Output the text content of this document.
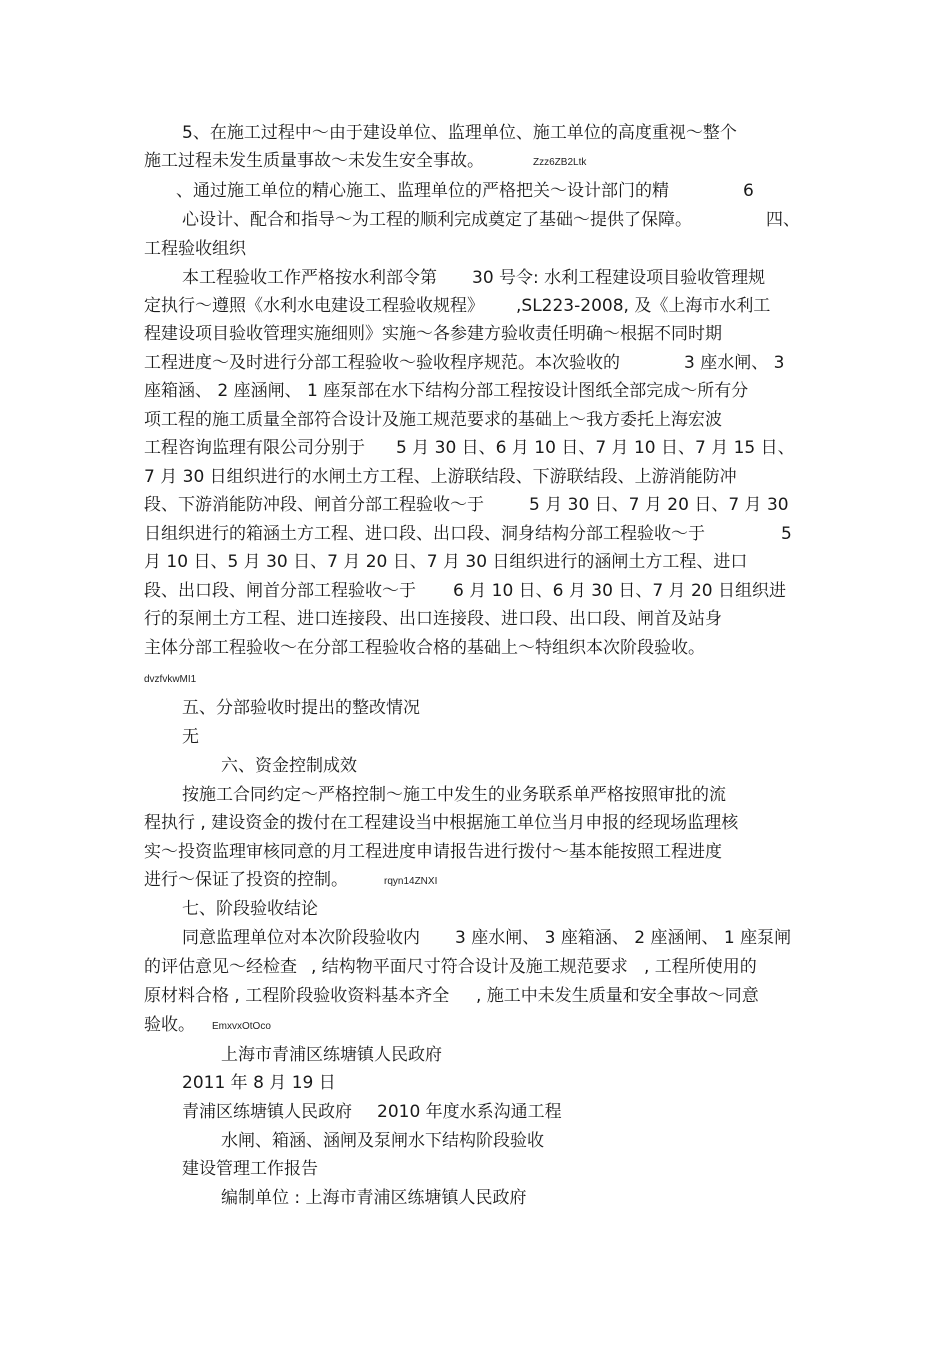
5、在施工过程中～由于建设单位、监理单位、施工单位的高度重视～整个
施工过程未发生质量事故～未发生安全事故。	Zzz6ZB2Ltk
、通过施工单位的精心施工、监理单位的严格把关～设计部门的精	6
心设计、配合和指导～为工程的顺利完成奠定了基础～提供了保障。	四、
工程验收组织
本工程验收工作严格按水利部令第 30 号令: 水利工程建设项目验收管理规
定执行～遵照《水利水电建设工程验收规程》 ,SL223-2008, 及《上海市水利工
程建设项目验收管理实施细则》实施～各参建方验收责任明确～根据不同时期
工程进度～及时进行分部工程验收～验收程序规范。本次验收的	3 座水闸、 3
座箱涵、 2 座涵闸、 1 座泵部在水下结构分部工程按设计图纸全部完成～所有分
项工程的施工质量全部符合设计及施工规范要求的基础上～我方委托上海宏波
工程咨询监理有限公司分别于 5 月 30 日、6 月 10 日、7 月 10 日、7 月 15 日、
7 月 30 日组织进行的水闸土方工程、上游联结段、下游联结段、上游消能防冲
段、下游消能防冲段、闸首分部工程验收～于	5 月 30 日、7 月 20 日、7 月 30
日组织进行的箱涵土方工程、进口段、出口段、洞身结构分部工程验收～于	5
月 10 日、5 月 30 日、7 月 20 日、7 月 30 日组织进行的涵闸土方工程、进口
段、出口段、闸首分部工程验收～于 6 月 10 日、6 月 30 日、7 月 20 日组织进
行的泵闸土方工程、进口连接段、出口连接段、进口段、出口段、闸首及站身
主体分部工程验收～在分部工程验收合格的基础上～特组织本次阶段验收。
dvzfvkwMI1
五、分部验收时提出的整改情况
无
六、资金控制成效
按施工合同约定～严格控制～施工中发生的业务联系单严格按照审批的流
程执行 , 建设资金的拨付在工程建设当中根据施工单位当月申报的经现场监理核
实～投资监理审核同意的月工程进度申请报告进行拨付～基本能按照工程进度
进行～保证了投资的控制。	rqyn14ZNXI
七、阶段验收结论
同意监理单位对本次阶段验收内 3 座水闸、 3 座箱涵、 2 座涵闸、 1 座泵闸
的评估意见～经检查 , 结构物平面尺寸符合设计及施工规范要求 , 工程所使用的
原材料合格 , 工程阶段验收资料基本齐全 , 施工中未发生质量和安全事故～同意
验收。 EmxvxOtOco
上海市青浦区练塘镇人民政府
2011 年 8 月 19 日
青浦区练塘镇人民政府 2010 年度水系沟通工程
水闸、箱涵、涵闸及泵闸水下结构阶段验收
建设管理工作报告
编制单位 : 上海市青浦区练塘镇人民政府
